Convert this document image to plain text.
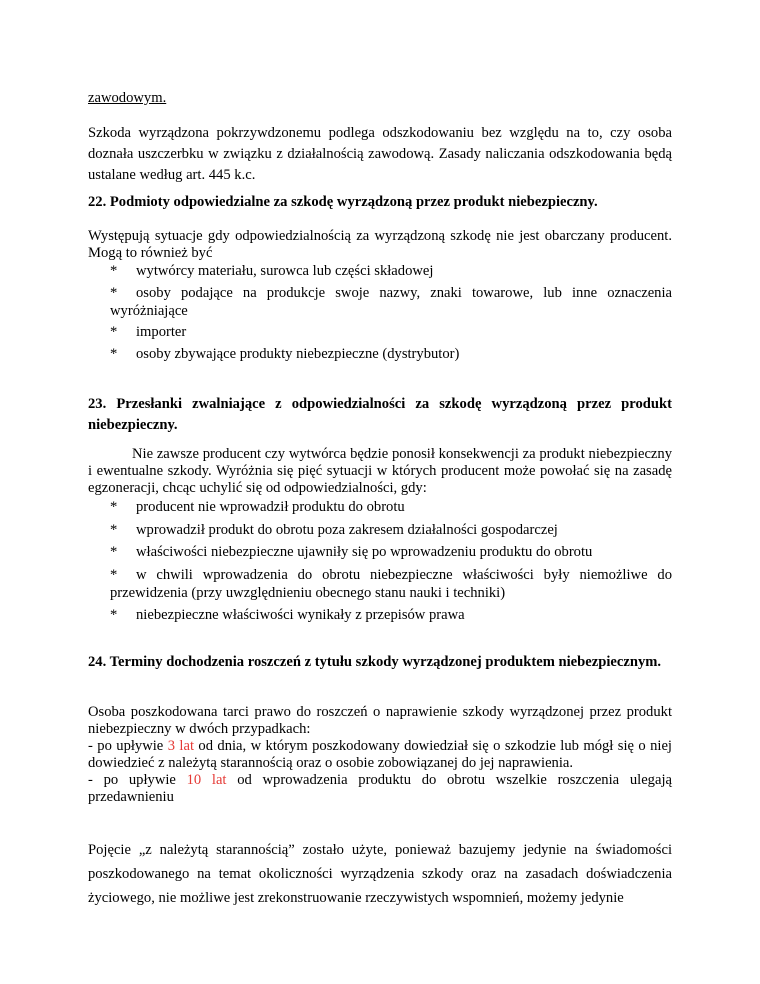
zawodowym.

Szkoda wyrządzona pokrzywdzonemu podlega odszkodowaniu bez względu na to, czy osoba doznała uszczerbku w związku z działalnością zawodową. Zasady naliczania odszkodowania będą ustalane według art. 445 k.c.

22. Podmioty odpowiedzialne za szkodę wyrządzoną przez produkt niebezpieczny.

Występują sytuacje gdy odpowiedzialnością za wyrządzoną szkodę nie jest obarczany producent. Mogą to również być

* wytwórcy materiału, surowca lub części składowej

* osoby podające na produkcje swoje nazwy, znaki towarowe, lub inne oznaczenia wyróżniające

* importer

* osoby zbywające produkty niebezpieczne (dystrybutor)

23. Przesłanki zwalniające z odpowiedzialności za szkodę wyrządzoną przez produkt niebezpieczny.

Nie zawsze producent czy wytwórca będzie ponosił konsekwencji za produkt niebezpieczny i ewentualne szkody. Wyróżnia się pięć sytuacji w których producent może powołać się na zasadę egzoneracji, chcąc uchylić się od odpowiedzialności, gdy:

* producent nie wprowadził produktu do obrotu

* wprowadził produkt do obrotu poza zakresem działalności gospodarczej

* właściwości niebezpieczne ujawniły się po wprowadzeniu produktu do obrotu

* w chwili wprowadzenia do obrotu niebezpieczne właściwości były niemożliwe do przewidzenia (przy uwzględnieniu obecnego stanu nauki i techniki)

* niebezpieczne właściwości wynikały z przepisów prawa

24. Terminy dochodzenia roszczeń z tytułu szkody wyrządzonej produktem niebezpiecznym.

Osoba poszkodowana tarci prawo do roszczeń o naprawienie szkody wyrządzonej przez produkt niebezpieczny w dwóch przypadkach:
- po upływie 3 lat od dnia, w którym poszkodowany dowiedział się o szkodzie lub mógł się o niej dowiedzieć z należytą starannością oraz o osobie zobowiązanej do jej naprawienia.
- po upływie 10 lat od wprowadzenia produktu do obrotu wszelkie roszczenia ulegają przedawnieniu

Pojęcie „z należytą starannością” zostało użyte, ponieważ bazujemy jedynie na świadomości poszkodowanego na temat okoliczności wyrządzenia szkody oraz na zasadach doświadczenia życiowego, nie możliwe jest zrekonstruowanie rzeczywistych wspomnień, możemy jedynie
